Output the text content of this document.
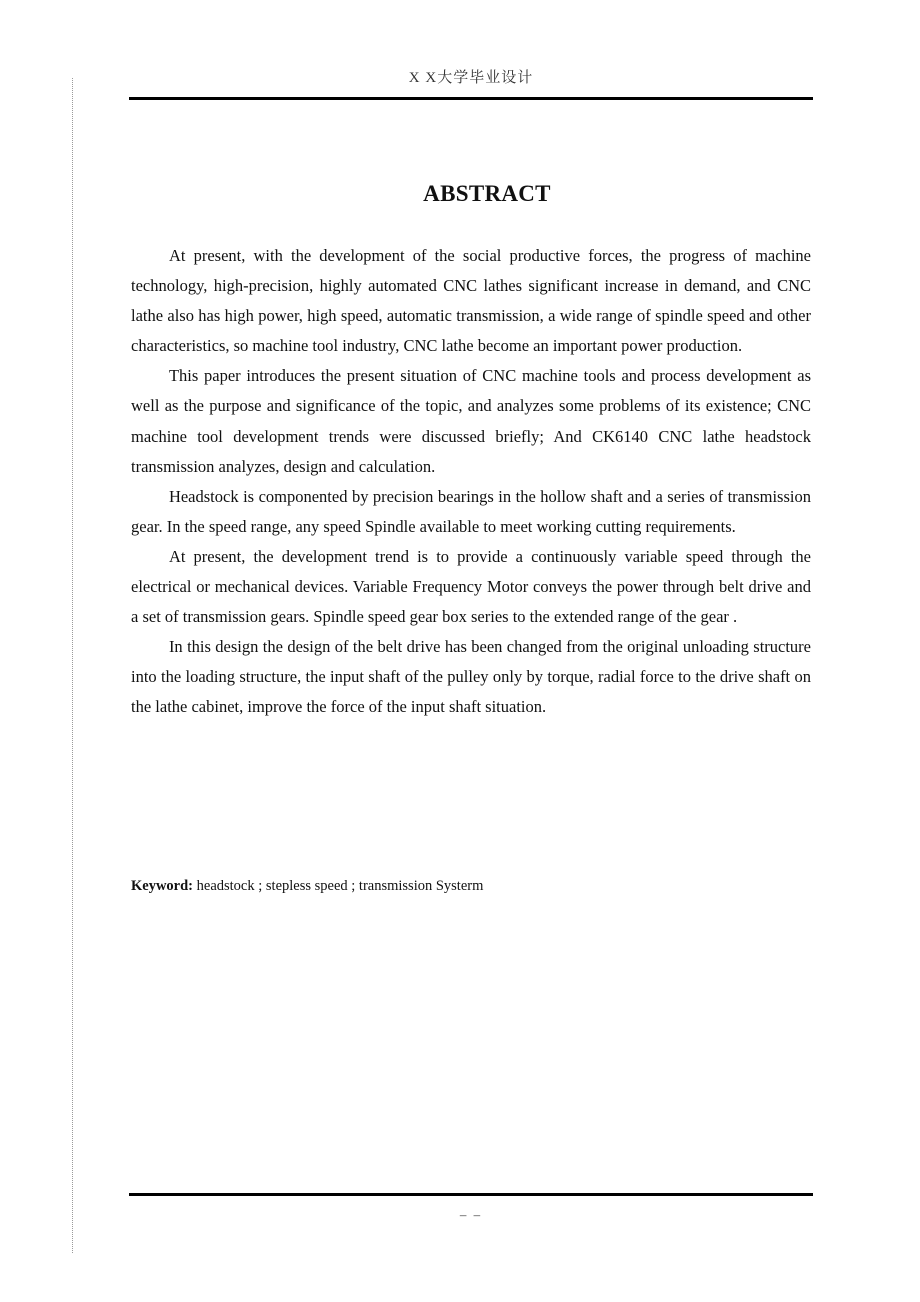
X X大学毕业设计
ABSTRACT

At present, with the development of the social productive forces, the progress of machine technology, high-precision, highly automated CNC lathes significant increase in demand, and CNC lathe also has high power, high speed, automatic transmission, a wide range of spindle speed and other characteristics, so machine tool industry, CNC lathe become an important power production.

This paper introduces the present situation of CNC machine tools and process development as well as the purpose and significance of the topic, and analyzes some problems of its existence; CNC machine tool development trends were discussed briefly; And CK6140 CNC lathe headstock transmission analyzes, design and calculation.

Headstock is componented by precision bearings in the hollow shaft and a series of transmission gear. In the speed range, any speed Spindle available to meet working cutting requirements.

At present, the development trend is to provide a continuously variable speed through the electrical or mechanical devices. Variable Frequency Motor conveys the power through belt drive and a set of transmission gears. Spindle speed gear box series to the extended range of the gear .

In this design the design of the belt drive has been changed from the original unloading structure into the loading structure, the input shaft of the pulley only by torque, radial force to the drive shaft on the lathe cabinet, improve the force of the input shaft situation.

Keyword: headstock ; stepless speed ; transmission Systerm
– –
